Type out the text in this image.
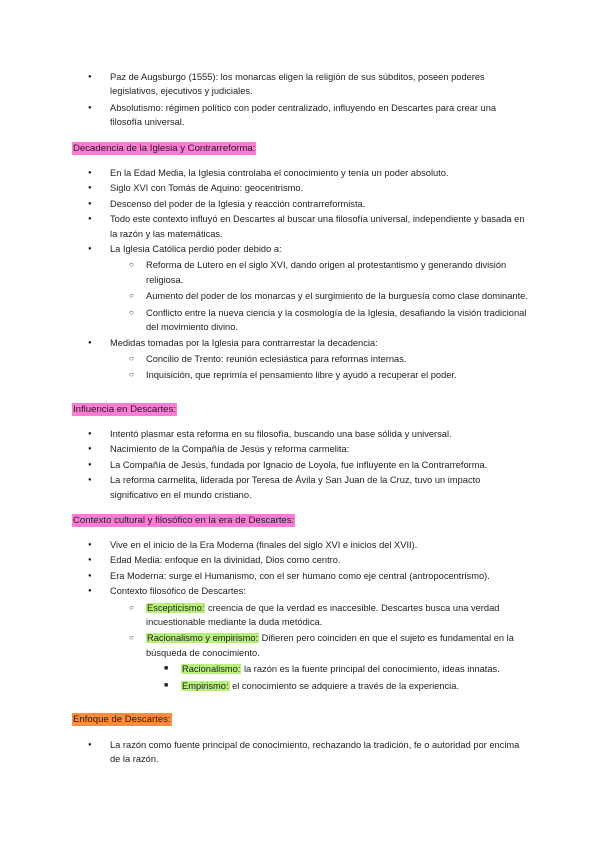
● Paz de Augsburgo (1555): los monarcas eligen la religión de sus súbditos, poseen poderes legislativos, ejecutivos y judiciales.
● Absolutismo: régimen político con poder centralizado, influyendo en Descartes para crear una filosofía universal.
Decadencia de la Iglesia y Contrarreforma:
● En la Edad Media, la Iglesia controlaba el conocimiento y tenía un poder absoluto.
● Siglo XVI con Tomás de Aquino: geocentrismo.
● Descenso del poder de la Iglesia y reacción contrarreformista.
● Todo este contexto influyó en Descartes al buscar una filosofía universal, independiente y basada en la razón y las matemáticas.
● La Iglesia Católica perdió poder debido a:
○ Reforma de Lutero en el siglo XVI, dando origen al protestantismo y generando división religiosa.
○ Aumento del poder de los monarcas y el surgimiento de la burguesía como clase dominante.
○ Conflicto entre la nueva ciencia y la cosmología de la Iglesia, desafiando la visión tradicional del movimiento divino.
● Medidas tomadas por la Iglesia para contrarrestar la decadencia:
○ Concilio de Trento: reunión eclesiástica para reformas internas.
○ Inquisición, que reprimía el pensamiento libre y ayudó a recuperar el poder.
Influencia en Descartes:
● Intentó plasmar esta reforma en su filosofía, buscando una base sólida y universal.
● Nacimiento de la Compañía de Jesús y reforma carmelita:
● La Compañía de Jesús, fundada por Ignacio de Loyola, fue influyente en la Contrarreforma.
● La reforma carmelita, liderada por Teresa de Ávila y San Juan de la Cruz, tuvo un impacto significativo en el mundo cristiano.
Contexto cultural y filosófico en la era de Descartes:
● Vive en el inicio de la Era Moderna (finales del siglo XVI e inicios del XVII).
● Edad Media: enfoque en la divinidad, Dios como centro.
● Era Moderna: surge el Humanismo, con el ser humano como eje central (antropocentrismo).
● Contexto filosófico de Descartes:
○ Escepticismo: creencia de que la verdad es inaccesible. Descartes busca una verdad incuestionable mediante la duda metódica.
○ Racionalismo y empirismo: Difieren pero coinciden en que el sujeto es fundamental en la búsqueda de conocimiento.
■ Racionalismo: la razón es la fuente principal del conocimiento, ideas innatas.
■ Empirismo: el conocimiento se adquiere a través de la experiencia.
Enfoque de Descartes:
● La razón como fuente principal de conocimiento, rechazando la tradición, fe o autoridad por encima de la razón.
